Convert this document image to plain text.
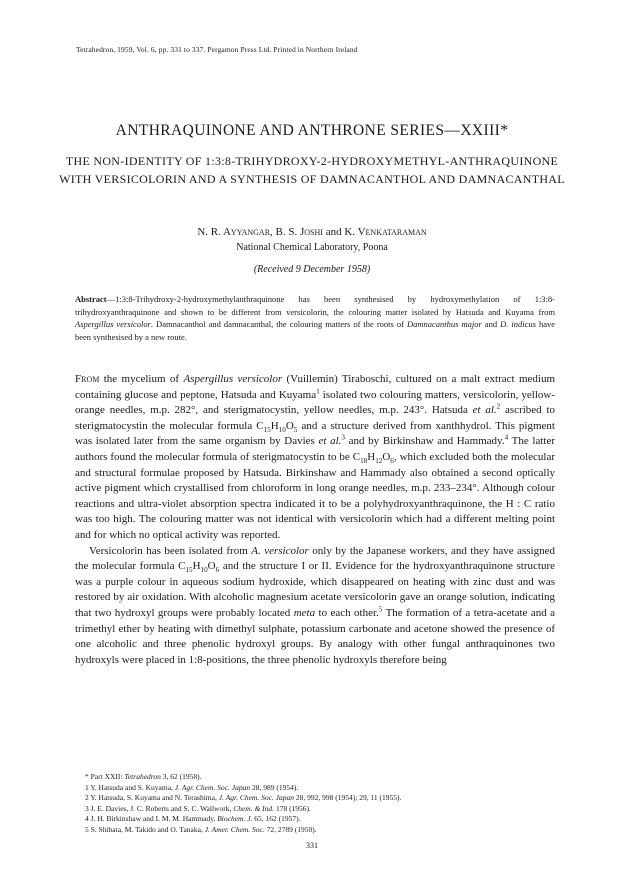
Tetrahedron, 1959, Vol. 6, pp. 331 to 337. Pergamon Press Ltd. Printed in Northern Ireland
ANTHRAQUINONE AND ANTHRONE SERIES—XXIII*
THE NON-IDENTITY OF 1:3:8-TRIHYDROXY-2-HYDROXYMETHYL-ANTHRAQUINONE WITH VERSICOLORIN AND A SYNTHESIS OF DAMNACANTHOL AND DAMNACANTHAL
N. R. Ayyangar, B. S. Joshi and K. Venkataraman
National Chemical Laboratory, Poona
(Received 9 December 1958)
Abstract—1:3:8-Trihydroxy-2-hydroxymethylanthraquinone has been synthesised by hydroxymethylation of 1:3:8-trihydroxyanthraquinone and shown to be different from versicolorin, the colouring matter isolated by Hatsuda and Kuyama from Aspergillus versicolor. Damnacanthol and damnacanthal, the colouring matters of the roots of Damnacanthus major and D. indicus have been synthesised by a new route.

From the mycelium of Aspergillus versicolor (Vuillemin) Tiraboschi, cultured on a malt extract medium containing glucose and peptone, Hatsuda and Kuyama$^1$ isolated two colouring matters, versicolorin, yellow-orange needles, m.p. 282°, and sterigmatocystin, yellow needles, m.p. 243°. Hatsuda et al.$^2$ ascribed to sterigmatocystin the molecular formula $C_{15}H_{10}O_5$ and a structure derived from xanthhydrol. This pigment was isolated later from the same organism by Davies et al.$^3$ and by Birkinshaw and Hammady.$^4$ The latter authors found the molecular formula of sterigmatocystin to be $C_{18}H_{12}O_6$, which excluded both the molecular and structural formulae proposed by Hatsuda. Birkinshaw and Hammady also obtained a second optically active pigment which crystallised from chloroform in long orange needles, m.p. 233–234°. Although colour reactions and ultra-violet absorption spectra indicated it to be a polyhydroxyanthraquinone, the H : C ratio was too high. The colouring matter was not identical with versicolorin which had a different melting point and for which no optical activity was reported.

Versicolorin has been isolated from A. versicolor only by the Japanese workers, and they have assigned the molecular formula $C_{15}H_{10}O_6$ and the structure I or II. Evidence for the hydroxyanthraquinone structure was a purple colour in aqueous sodium hydroxide, which disappeared on heating with zinc dust and was restored by air oxidation. With alcoholic magnesium acetate versicolorin gave an orange solution, indicating that two hydroxyl groups were probably located meta to each other.$^5$ The formation of a tetra-acetate and a trimethyl ether by heating with dimethyl sulphate, potassium carbonate and acetone showed the presence of one alcoholic and three phenolic hydroxyl groups. By analogy with other fungal anthraquinones two hydroxyls were placed in 1:8-positions, the three phenolic hydroxyls therefore being

* Part XXII: Tetrahedron 3, 62 (1958).
1 Y. Hatsuda and S. Kuyama, J. Agr. Chem. Soc. Japan 28, 989 (1954).
2 Y. Hatsuda, S. Kuyama and N. Terashima, J. Agr. Chem. Soc. Japan 28, 992, 998 (1954); 29, 11 (1955).
3 J. E. Davies, J. C. Roberts and S. C. Wallwork, Chem. & Ind. 178 (1956).
4 J. H. Birkinshaw and I. M. M. Hammady, Biochem. J. 65, 162 (1957).
5 S. Shibata, M. Takido and O. Tanaka, J. Amer. Chem. Soc. 72, 2789 (1950).
331
